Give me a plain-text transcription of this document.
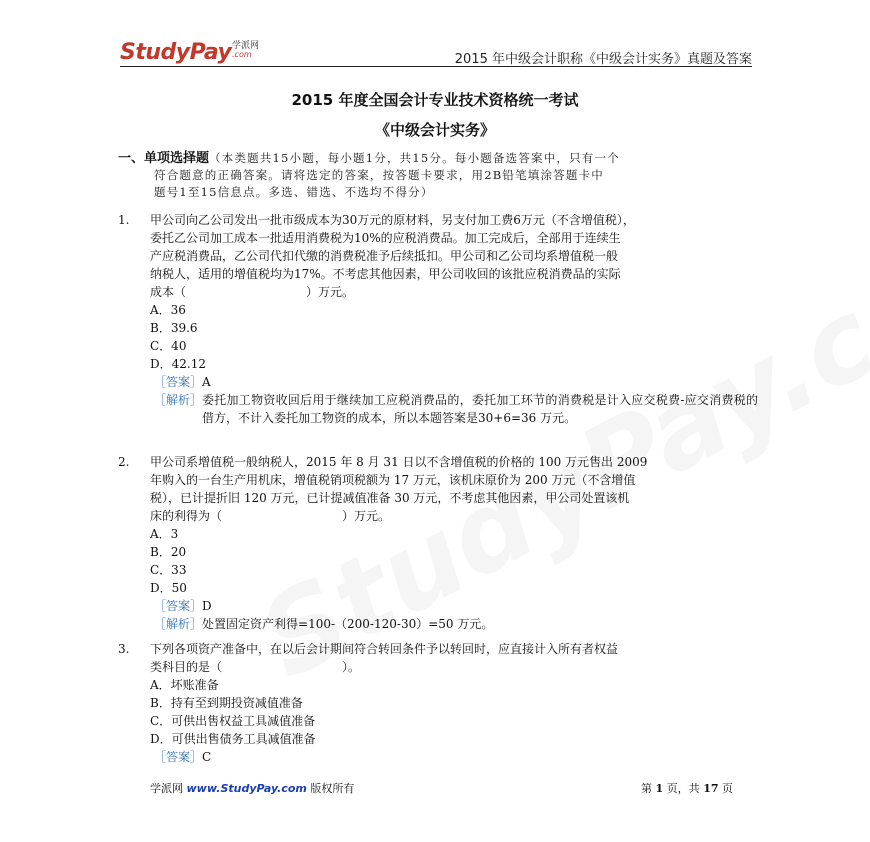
StudyPay 学派网
.com	2015 年中级会计职称《中级会计实务》真题及答案
2015 年度全国会计专业技术资格统一考试
《中级会计实务》
一、单项选择题（本类题共15小题，每小题1分，共15分。每小题备选答案中，只有一个
符合题意的正确答案。请将选定的答案，按答题卡要求，用2B铅笔填涂答题卡中
题号1至15信息点。多选、错选、不选均不得分）
1. 甲公司向乙公司发出一批市级成本为30万元的原材料，另支付加工费6万元（不含增值税），
委托乙公司加工成本一批适用消费税为10%的应税消费品。加工完成后，全部用于连续生
产应税消费品，乙公司代扣代缴的消费税准予后续抵扣。甲公司和乙公司均系增值税一般
纳税人，适用的增值税均为17%。不考虑其他因素，甲公司收回的该批应税消费品的实际
成本（	）万元。
A．36
B．39.6
C．40
D．42.12
［答案］A
［解析］ 委托加工物资收回后用于继续加工应税消费品的，委托加工环节的消费税是计入应交税费-应交消费税的借方，不计入委托加工物资的成本，所以本题答案是30+6=36 万元。
2. 甲公司系增值税一般纳税人，2015 年 8 月 31 日以不含增值税的价格的 100 万元售出 2009
年购入的一台生产用机床，增值税销项税额为 17 万元，该机床原价为 200 万元（不含增值
税），已计提折旧 120 万元，已计提减值准备 30 万元，不考虑其他因素，甲公司处置该机
床的利得为（	）万元。
A．3
B．20
C．33
D．50
［答案］D
［解析］ 处置固定资产利得=100-（200-120-30）=50 万元。
3. 下列各项资产准备中，在以后会计期间符合转回条件予以转回时，应直接计入所有者权益
类科目的是（	）。
A．坏账准备
B．持有至到期投资减值准备
C．可供出售权益工具减值准备
D．可供出售债务工具减值准备
［答案］C
学派网 www.StudyPay.com 版权所有	第 1 页，共 17 页
